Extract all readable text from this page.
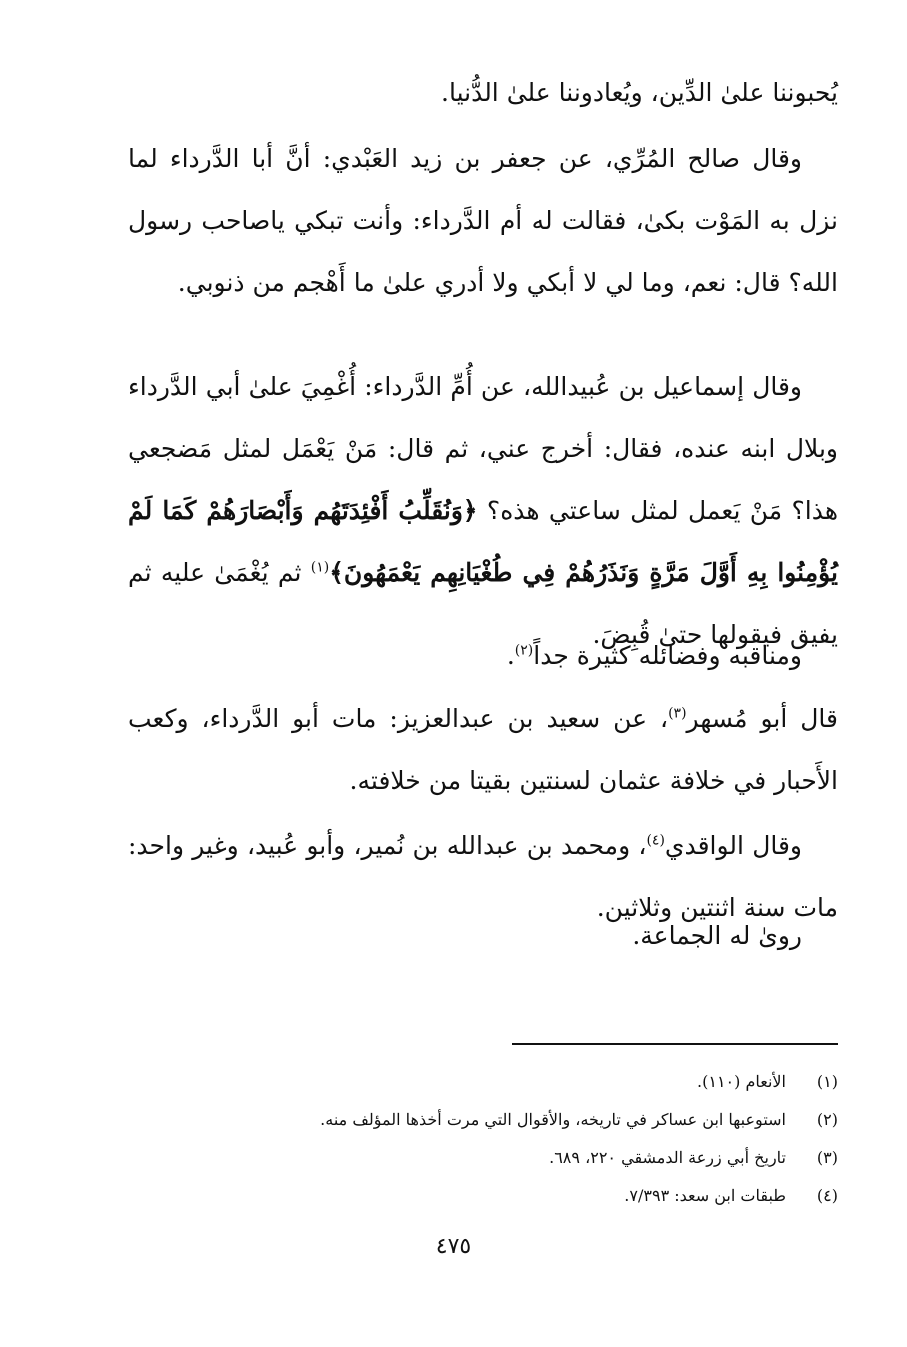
يُحبوننا علىٰ الدِّين، ويُعادوننا علىٰ الدُّنيا.

وقال صالح المُرِّي، عن جعفر بن زيد العَبْدي: أنَّ أبا الدَّرداء لما نزل به المَوْت بكىٰ، فقالت له أم الدَّرداء: وأنت تبكي ياصاحب رسول الله؟ قال: نعم، وما لي لا أبكي ولا أدري علىٰ ما أَهْجم من ذنوبي.

وقال إسماعيل بن عُبيدالله، عن أُمِّ الدَّرداء: أُغْمِيَ علىٰ أبي الدَّرداء وبلال ابنه عنده، فقال: أخرج عني، ثم قال: مَنْ يَعْمَل لمثل مَضجعي هذا؟ مَنْ يَعمل لمثل ساعتي هذه؟ ﴿وَنُقَلِّبُ أَفْئِدَتَهُم وَأَبْصَارَهُمْ كَمَا لَمْ يُؤْمِنُوا بِهِ أَوَّلَ مَرَّةٍ وَنَذَرُهُمْ فِي طُغْيَانِهِم يَعْمَهُونَ﴾$^{(١)}$ ثم يُغْمَىٰ عليه ثم يفيق فيقولها حتىٰ قُبِضَ.

ومناقبه وفضائله كثيرة جداً$^{(٢)}$.

قال أبو مُسهر$^{(٣)}$، عن سعيد بن عبدالعزيز: مات أبو الدَّرداء، وكعب الأَحبار في خلافة عثمان لسنتين بقيتا من خلافته.

وقال الواقدي$^{(٤)}$، ومحمد بن عبدالله بن نُمير، وأبو عُبيد، وغير واحد: مات سنة اثنتين وثلاثين.

روىٰ له الجماعة.

(١)
الأنعام (١١٠).
(٢)
استوعبها ابن عساكر في تاريخه، والأقوال التي مرت أخذها المؤلف منه.
(٣)
تاريخ أبي زرعة الدمشقي ٢٢٠، ٦٨٩.
(٤)
طبقات ابن سعد: ٧/٣٩٣.
٤٧٥
